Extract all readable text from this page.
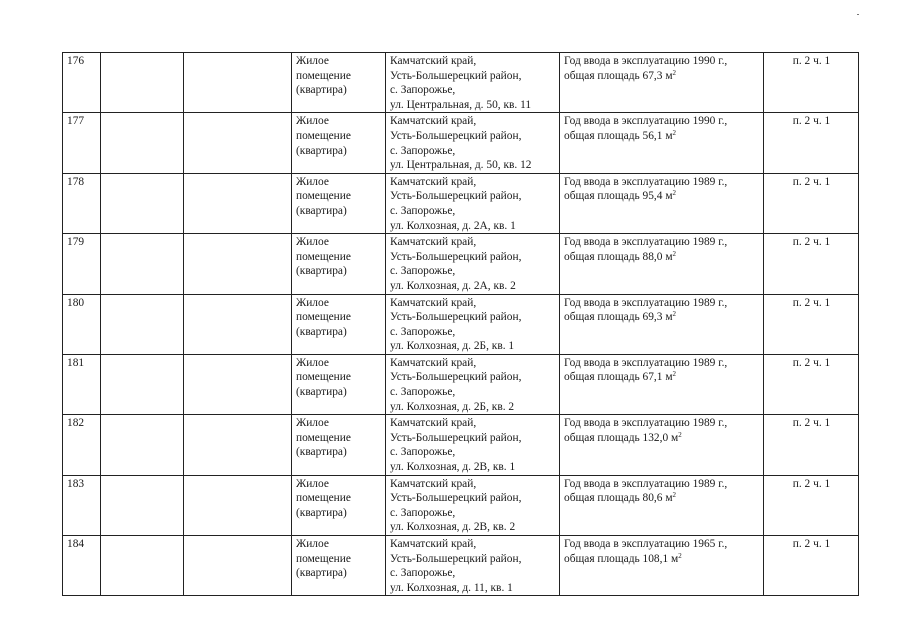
176			Жилое
помещение
(квартира)	Камчатский край,
Усть-Большерецкий район,
с. Запорожье,
ул. Центральная, д. 50, кв. 11	Год ввода в эксплуатацию 1990 г.,
общая площадь 67,3 $м^2$	п. 2 ч. 1
177			Жилое
помещение
(квартира)	Камчатский край,
Усть-Большерецкий район,
с. Запорожье,
ул. Центральная, д. 50, кв. 12	Год ввода в эксплуатацию 1990 г.,
общая площадь 56,1 $м^2$	п. 2 ч. 1
178			Жилое
помещение
(квартира)	Камчатский край,
Усть-Большерецкий район,
с. Запорожье,
ул. Колхозная, д. 2А, кв. 1	Год ввода в эксплуатацию 1989 г.,
общая площадь 95,4 $м^2$	п. 2 ч. 1
179			Жилое
помещение
(квартира)	Камчатский край,
Усть-Большерецкий район,
с. Запорожье,
ул. Колхозная, д. 2А, кв. 2	Год ввода в эксплуатацию 1989 г.,
общая площадь 88,0 $м^2$	п. 2 ч. 1
180			Жилое
помещение
(квартира)	Камчатский край,
Усть-Большерецкий район,
с. Запорожье,
ул. Колхозная, д. 2Б, кв. 1	Год ввода в эксплуатацию 1989 г.,
общая площадь 69,3 $м^2$	п. 2 ч. 1
181			Жилое
помещение
(квартира)	Камчатский край,
Усть-Большерецкий район,
с. Запорожье,
ул. Колхозная, д. 2Б, кв. 2	Год ввода в эксплуатацию 1989 г.,
общая площадь 67,1 $м^2$	п. 2 ч. 1
182			Жилое
помещение
(квартира)	Камчатский край,
Усть-Большерецкий район,
с. Запорожье,
ул. Колхозная, д. 2В, кв. 1	Год ввода в эксплуатацию 1989 г.,
общая площадь 132,0 $м^2$	п. 2 ч. 1
183			Жилое
помещение
(квартира)	Камчатский край,
Усть-Большерецкий район,
с. Запорожье,
ул. Колхозная, д. 2В, кв. 2	Год ввода в эксплуатацию 1989 г.,
общая площадь 80,6 $м^2$	п. 2 ч. 1
184			Жилое
помещение
(квартира)	Камчатский край,
Усть-Большерецкий район,
с. Запорожье,
ул. Колхозная, д. 11, кв. 1	Год ввода в эксплуатацию 1965 г.,
общая площадь 108,1 $м^2$	п. 2 ч. 1
